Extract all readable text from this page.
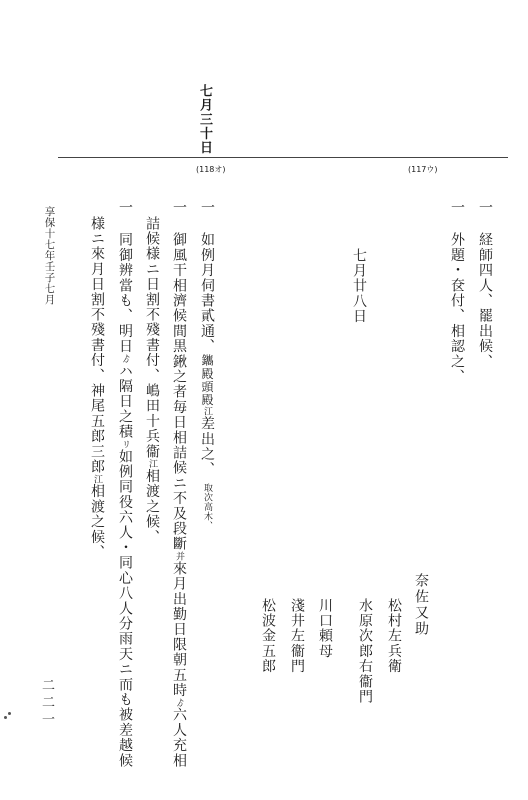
七月三十日
(118オ)	(117ウ)
一 経師四人、罷出候、
一 外題・奁付、相認之、
七月廿八日
奈佐又助
松村左兵衛
水原次郎右衞門
川口頼母
淺井左衞門
松波金五郎
一 如例月伺書貳通、鑴殿頭殿江差出之、取次高木、
一 御風干相濟候間黒鍬之者毎日相詰候ニ不及段斷并來月出勤日限朝五時ゟ六人充相
詰候様ニ日割不殘書付、嶋田十兵衞江相渡之候、
一 同御辨當も、明日ゟハ隔日之積リ如例同役六人・同心八人分雨天ニ而も被差越候
様ニ來月日割不殘書付、神尾五郎三郎江相渡之候、
享保十七年壬子七月
二二一
